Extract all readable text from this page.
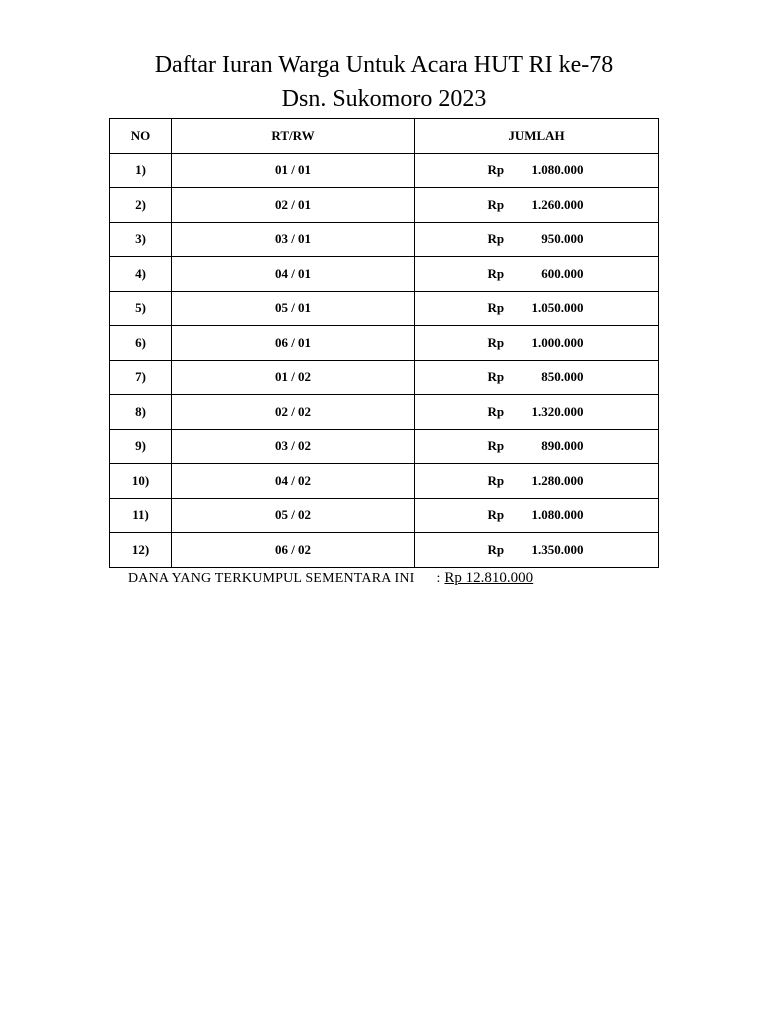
Daftar Iuran Warga Untuk Acara HUT RI ke-78
Dsn. Sukomoro 2023
NO	RT/RW	JUMLAH
1)	01 / 01	Rp 1.080.000
2)	02 / 01	Rp 1.260.000
3)	03 / 01	Rp 950.000
4)	04 / 01	Rp 600.000
5)	05 / 01	Rp 1.050.000
6)	06 / 01	Rp 1.000.000
7)	01 / 02	Rp 850.000
8)	02 / 02	Rp 1.320.000
9)	03 / 02	Rp 890.000
10)	04 / 02	Rp 1.280.000
11)	05 / 02	Rp 1.080.000
12)	06 / 02	Rp 1.350.000
DANA YANG TERKUMPUL SEMENTARA INI : Rp 12.810.000
